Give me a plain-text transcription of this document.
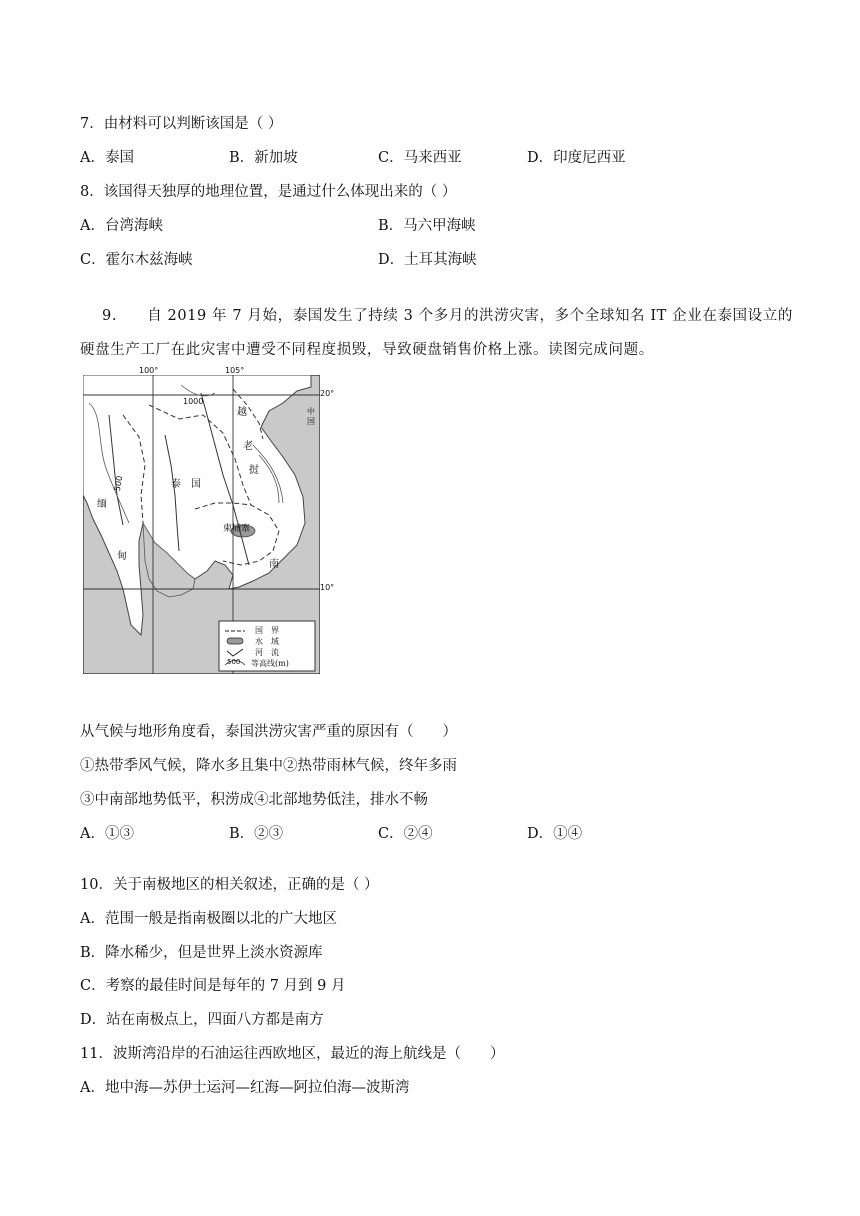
7．由材料可以判断该国是（ ）
A．泰国	B．新加坡	C．马来西亚	D．印度尼西亚
8．该国得天独厚的地理位置，是通过什么体现出来的（ ）
A．台湾海峡	B．马六甲海峡
C．霍尔木兹海峡	D．土耳其海峡
9.　　自 2019 年 7 月始，泰国发生了持续 3 个多月的洪涝灾害，多个全球知名 IT 企业在泰国设立的
硬盘生产工厂在此灾害中遭受不同程度损毁，导致硬盘销售价格上涨。读图完成问题。
100°	105°
20°
10°
泰　国
柬埔寨
老
挝
越
南
缅
甸
中国
500
1000
国　界
水　域
河　流
500 等高线(m)
从气候与地形角度看，泰国洪涝灾害严重的原因有（　　）
①热带季风气候，降水多且集中②热带雨林气候，终年多雨
③中南部地势低平，积涝成④北部地势低洼，排水不畅
A．①③	B．②③	C．②④	D．①④
10．关于南极地区的相关叙述，正确的是（ ）
A．范围一般是指南极圈以北的广大地区
B．降水稀少，但是世界上淡水资源库
C．考察的最佳时间是每年的 7 月到 9 月
D．站在南极点上，四面八方都是南方
11．波斯湾沿岸的石油运往西欧地区，最近的海上航线是（　　）
A．地中海—苏伊士运河—红海—阿拉伯海—波斯湾
